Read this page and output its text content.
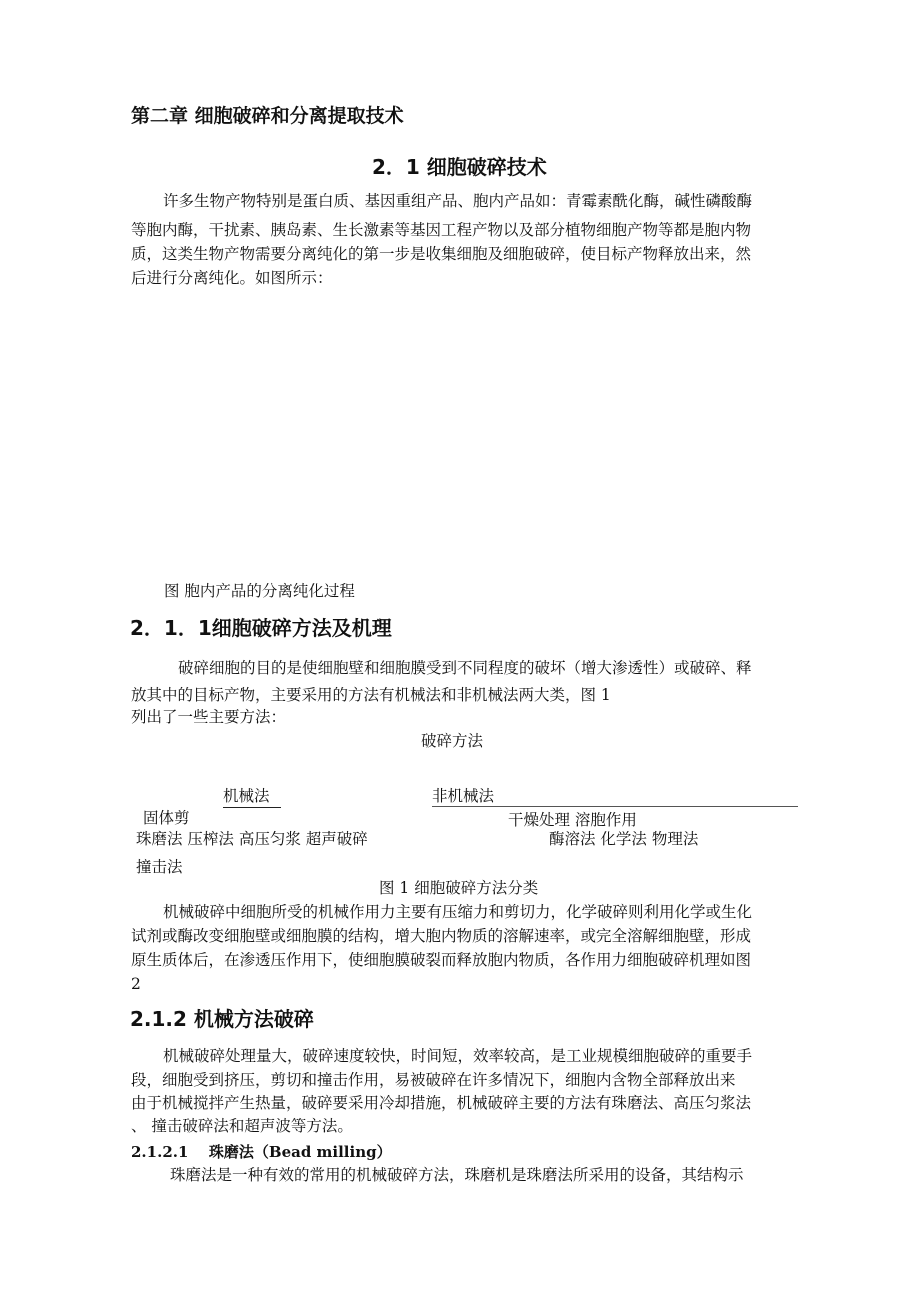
第二章 细胞破碎和分离提取技术
2．1 细胞破碎技术
许多生物产物特别是蛋白质、基因重组产品、胞内产品如：青霉素酰化酶，碱性磷酸酶
等胞内酶，干扰素、胰岛素、生长激素等基因工程产物以及部分植物细胞产物等都是胞内物
质，这类生物产物需要分离纯化的第一步是收集细胞及细胞破碎，使目标产物释放出来，然
后进行分离纯化。如图所示：
图 胞内产品的分离纯化过程
2．1．1细胞破碎方法及机理
破碎细胞的目的是使细胞壁和细胞膜受到不同程度的破坏（增大渗透性）或破碎、释
放其中的目标产物，主要采用的方法有机械法和非机械法两大类，图 1
列出了一些主要方法：
破碎方法
机械法	非机械法
固体剪
珠磨法 压榨法 高压匀浆 超声破碎
撞击法
干燥处理 溶胞作用
酶溶法 化学法 物理法
图 1 细胞破碎方法分类
机械破碎中细胞所受的机械作用力主要有压缩力和剪切力，化学破碎则利用化学或生化
试剂或酶改变细胞壁或细胞膜的结构，增大胞内物质的溶解速率，或完全溶解细胞壁，形成
原生质体后，在渗透压作用下，使细胞膜破裂而释放胞内物质，各作用力细胞破碎机理如图
2
2.1.2 机械方法破碎
机械破碎处理量大，破碎速度较快，时间短，效率较高，是工业规模细胞破碎的重要手
段，细胞受到挤压，剪切和撞击作用，易被破碎在许多情况下，细胞内含物全部释放出来
由于机械搅拌产生热量，破碎要采用冷却措施，机械破碎主要的方法有珠磨法、高压匀浆法
、 撞击破碎法和超声波等方法。
2.1.2.1 珠磨法（Bead milling）
珠磨法是一种有效的常用的机械破碎方法，珠磨机是珠磨法所采用的设备，其结构示
